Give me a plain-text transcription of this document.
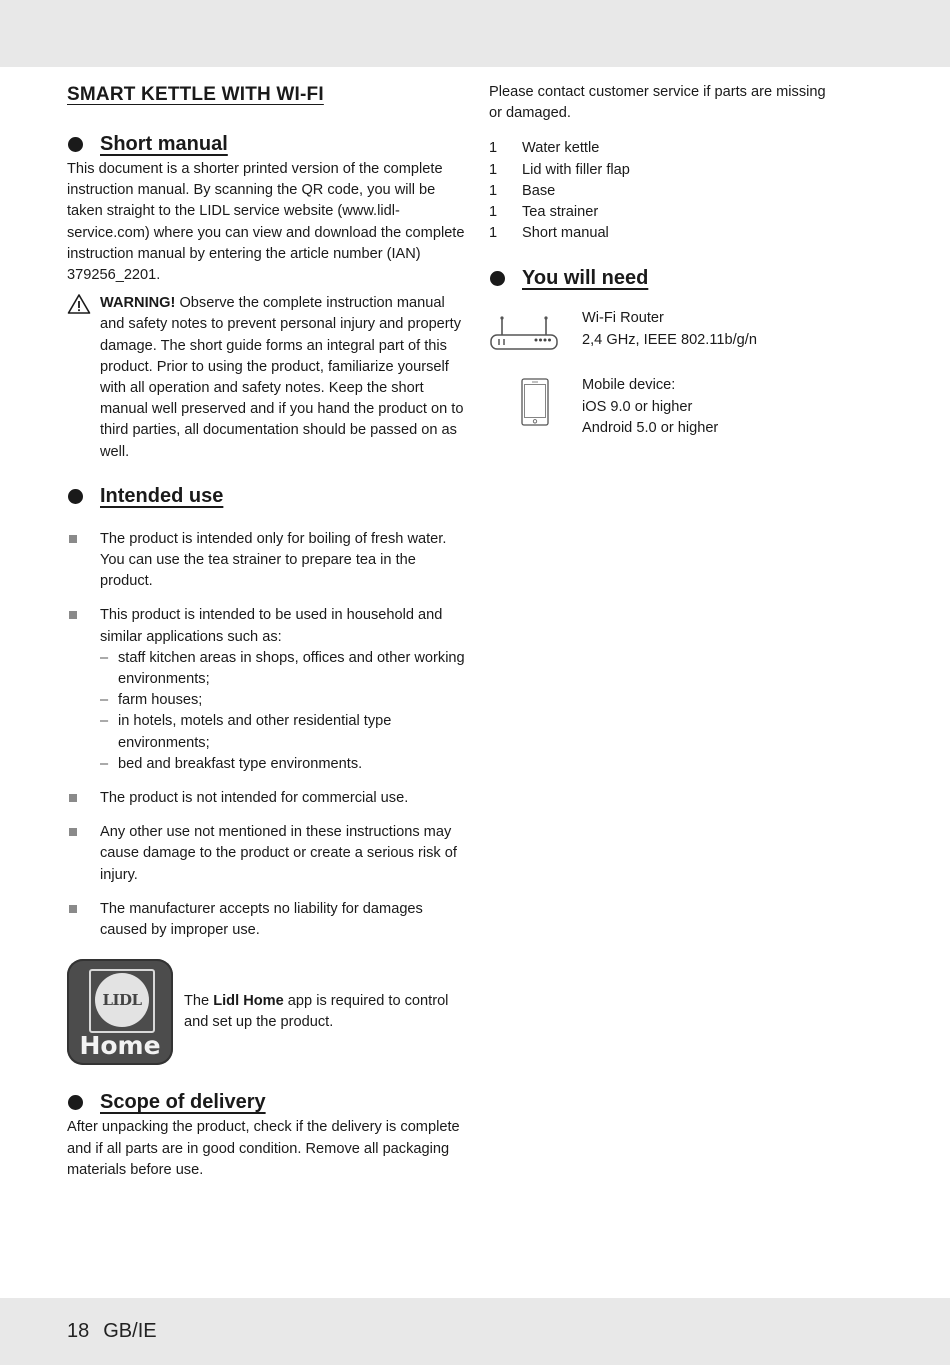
SMART KETTLE WITH WI-FI
Short manual

This document is a shorter printed version of the complete instruction manual. By scanning the QR code, you will be taken straight to the LIDL service website (www.lidl-service.com) where you can view and download the complete instruction manual by entering the article number (IAN) 379256_2201.

WARNING! Observe the complete instruction manual and safety notes to prevent personal injury and property damage. The short guide forms an integral part of this product. Prior to using the product, familiarize yourself with all operation and safety notes. Keep the short manual well preserved and if you hand the product on to third parties, all documentation should be passed on as well.
Intended use
The product is intended only for boiling of fresh water. You can use the tea strainer to prepare tea in the product.
This product is intended to be used in household and similar applications such as:
– staff kitchen areas in shops, offices and other working environments;
– farm houses;
– in hotels, motels and other residential type environments;
– bed and breakfast type environments.
The product is not intended for commercial use.
Any other use not mentioned in these instructions may cause damage to the product or create a serious risk of injury.
The manufacturer accepts no liability for damages caused by improper use.
LIDL
Home
The Lidl Home app is required to control and set up the product.
Scope of delivery

After unpacking the product, check if the delivery is complete and if all parts are in good condition. Remove all packaging materials before use.

Please contact customer service if parts are missing or damaged.

1	Water kettle
1	Lid with filler flap
1	Base
1	Tea strainer
1	Short manual
You will need
Wi-Fi Router
2,4 GHz, IEEE 802.11b/g/n
Mobile device:
iOS 9.0 or higher
Android 5.0 or higher
18 GB/IE
